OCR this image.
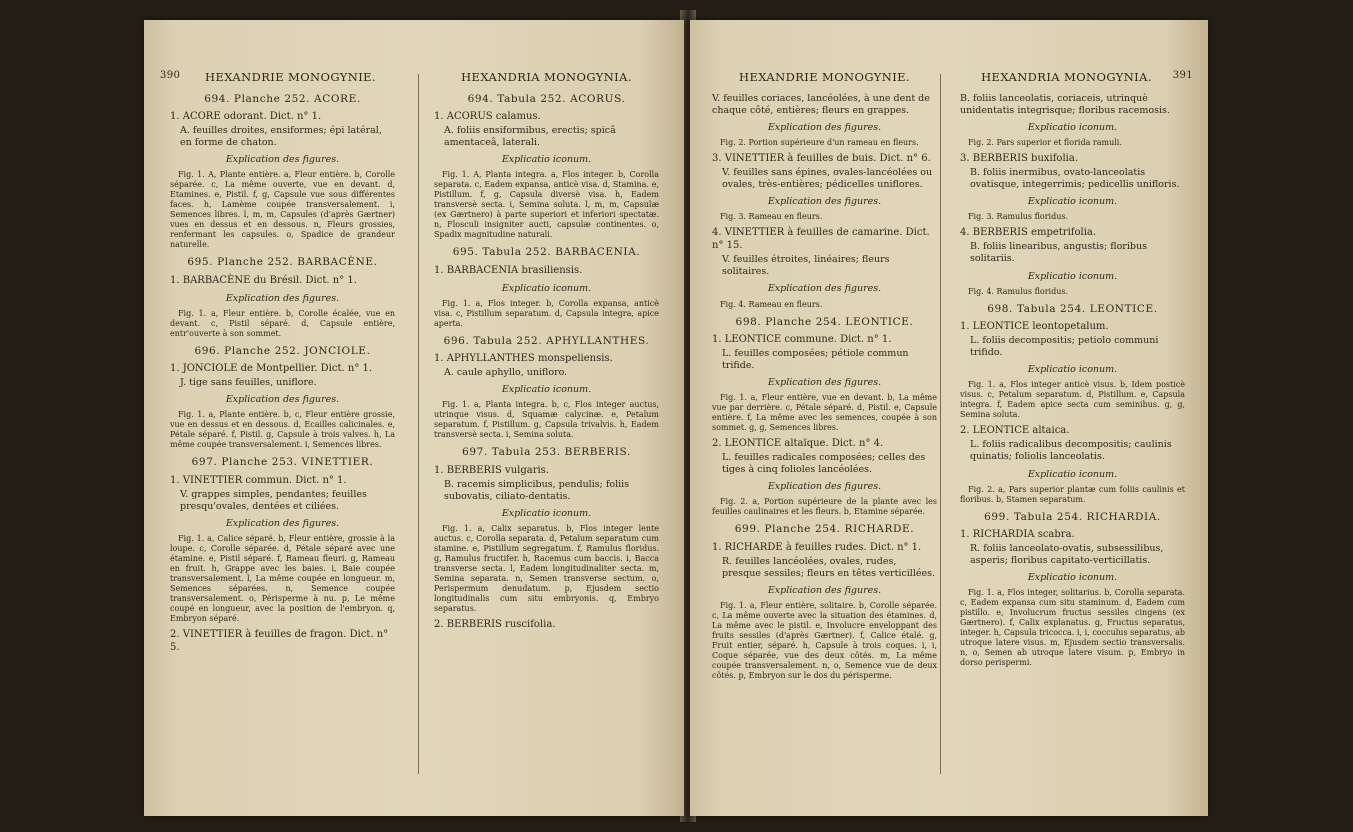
390 HEXANDRIE MONOGYNIE.
694. Planche 252. ACORE.
1. ACORE odorant. Dict. n° 1.
A. feuilles droites, ensiformes; épi latéral, en forme de chaton.
Explication des figures.
Fig. 1. A, Plante entière. a, Fleur entière. b, Corolle séparée. c, La même ouverte, vue en devant. d, Etamines. e, Pistil. f, g, Capsule vue sous différentes faces. h, Lamème coupée transversalement. i, Semences libres. l, m, m, Capsules (d'après Gærtner) vues en dessus et en dessous. n, Fleurs grossies, renfermant les capsules. o, Spadice de grandeur naturelle.
695. Planche 252. BARBACÈNE.
1. BARBACÈNE du Brésil. Dict. n° 1.
Explication des figures.
Fig. 1. a, Fleur entière. b, Corolle écalée, vue en devant. c, Pistil séparé. d, Capsule entière, entr'ouverte à son sommet.
696. Planche 252. JONCIOLE.
1. JONCIOLE de Montpellier. Dict. n° 1.
J. tige sans feuilles, uniflore.
Explication des figures.
Fig. 1. a, Plante entière. b, c, Fleur entière grossie, vue en dessus et en dessous. d, Ecailles calicinales. e, Pétale séparé. f, Pistil. g, Capsule à trois valves. h, La même coupée transversalement. i, Semences libres.
697. Planche 253. VINETTIER.
1. VINETTIER commun. Dict. n° 1.
V. grappes simples, pendantes; feuilles presqu'ovales, dentées et ciliées.
Explication des figures.
Fig. 1. a, Calice séparé. b, Fleur entière, grossie à la loupe. c, Corolle séparée. d, Pétale séparé avec une étamine. e, Pistil séparé. f, Rameau fleuri. g, Rameau en fruit. h, Grappe avec les baies. i, Baie coupée transversalement. l, La même coupée en longueur. m, Semences séparées. n, Semence coupée transversalement. o, Périsperme à nu. p, Le même coupé en longueur, avec la position de l'embryon. q, Embryon séparé.
2. VINETTIER à feuilles de fragon. Dict. n° 5.
HEXANDRIA MONOGYNIA.
694. Tabula 252. ACORUS.
1. ACORUS calamus.
A. foliis ensiformibus, erectis; spicâ amentaceâ, laterali.
Explicatio iconum.
Fig. 1. A, Planta integra. a, Flos integer. b, Corolla separata. c, Eadem expansa, anticè visa. d, Stamina. e, Pistillum. f, g, Capsula diversè visa. h, Eadem transversè secta. i, Semina soluta. l, m, m, Capsulæ (ex Gærtnero) à parte superiori et inferiori spectatæ. n, Flosculi insigniter aucti, capsulæ continentes. o, Spadix magnitudine naturali.
695. Tabula 252. BARBACENIA.
1. BARBACENIA brasiliensis.
Explicatio iconum.
Fig. 1. a, Flos integer. b, Corolla expansa, anticè visa. c, Pistillum separatum. d, Capsula integra, apice aperta.
696. Tabula 252. APHYLLANTHES.
1. APHYLLANTHES monspeliensis.
A. caule aphyllo, unifloro.
Explicatio iconum.
Fig. 1. a, Planta integra. b, c, Flos integer auctus, utrinque visus. d, Squamæ calycinæ. e, Petalum separatum. f, Pistillum. g, Capsula trivalvis. h, Eadem transversè secta. i, Semina soluta.
697. Tabula 253. BERBERIS.
1. BERBERIS vulgaris.
B. racemis simplicibus, pendulis; foliis subovatis, ciliato-dentatis.
Explicatio iconum.
Fig. 1. a, Calix separatus. b, Flos integer lente auctus. c, Corolla separata. d, Petalum separatum cum stamine. e, Pistillum segregatum. f, Ramulus floridus. g, Ramulus fructifer. h, Racemus cum baccis. i, Bacca transverse secta. l, Eadem longitudinaliter secta. m, Semina separata. n, Semen transverse sectum. o, Perispermum denudatum. p, Ejusdem sectio longitudinalis cum situ embryonis. q, Embryo separatus.
2. BERBERIS ruscifolia.
HEXANDRIE MONOGYNIE.
V. feuilles coriaces, lancéolées, à une dent de chaque côté, entières; fleurs en grappes.
Explication des figures.
Fig. 2. Portion supérieure d'un rameau en fleurs.
3. VINETTIER à feuilles de buis. Dict. n° 6.
V. feuilles sans épines, ovales-lancéolées ou ovales, très-entières; pédicelles uniflores.
Explication des figures.
Fig. 3. Rameau en fleurs.
4. VINETTIER à feuilles de camarine. Dict. n° 15.
V. feuilles étroites, linéaires; fleurs solitaires.
Explication des figures.
Fig. 4. Rameau en fleurs.
698. Planche 254. LEONTICE.
1. LEONTICE commune. Dict. n° 1.
L. feuilles composées; pétiole commun trifide.
Explication des figures.
Fig. 1. a, Fleur entière, vue en devant. b, La même vue par derrière. c, Pétale séparé. d, Pistil. e, Capsule entière. f, La même avec les semences, coupée à son sommet. g, g, Semences libres.
2. LEONTICE altaïque. Dict. n° 4.
L. feuilles radicales composées; celles des tiges à cinq folioles lancéolées.
Explication des figures.
Fig. 2. a, Portion supérieure de la plante avec les feuilles caulinaires et les fleurs. b, Etamine séparée.
699. Planche 254. RICHARDE.
1. RICHARDE à feuilles rudes. Dict. n° 1.
R. feuilles lancéolées, ovales, rudes, presque sessiles; fleurs en têtes verticillées.
Explication des figures.
Fig. 1. a, Fleur entière, solitaire. b, Corolle séparée. c, La même ouverte avec la situation des étamines. d, La même avec le pistil. e, Involucre enveloppant des fruits sessiles (d'après Gærtner). f, Calice étalé. g, Fruit entier, séparé. h, Capsule à trois coques. i, i, Coque séparée, vue des deux côtés. m, La même coupée transversalement. n, o, Semence vue de deux côtés. p, Embryon sur le dos du périsperme.
HEXANDRIA MONOGYNIA. 391
B. foliis lanceolatis, coriaceis, utrinquè unidentatis integrisque; floribus racemosis.
Explicatio iconum.
Fig. 2. Pars superior et florida ramuli.
3. BERBERIS buxifolia.
B. foliis inermibus, ovato-lanceolatis ovatisque, integerrimis; pedicellis unifloris.
Explicatio iconum.
Fig. 3. Ramulus floridus.
4. BERBERIS empetrifolia.
B. foliis linearibus, angustis; floribus solitariis.
Explicatio iconum.
Fig. 4. Ramulus floridus.
698. Tabula 254. LEONTICE.
1. LEONTICE leontopetalum.
L. foliis decompositis; petiolo communi trifido.
Explicatio iconum.
Fig. 1. a, Flos integer anticè visus. b, Idem posticè visus. c, Petalum separatum. d, Pistillum. e, Capsula integra. f, Eadem apice secta cum seminibus. g, g, Semina soluta.
2. LEONTICE altaica.
L. foliis radicalibus decompositis; caulinis quinatis; foliolis lanceolatis.
Explicatio iconum.
Fig. 2. a, Pars superior plantæ cum foliis caulinis et floribus. b, Stamen separatum.
699. Tabula 254. RICHARDIA.
1. RICHARDIA scabra.
R. foliis lanceolato-ovatis, subsessilibus, asperis; floribus capitato-verticillatis.
Explicatio iconum.
Fig. 1. a, Flos integer, solitarius. b, Corolla separata. c, Eadem expansa cum situ staminum. d, Eadem cum pistillo. e, Involucrum fructus sessiles cingens (ex Gærtnero). f, Calix explanatus. g, Fructus separatus, integer. h, Capsula tricocca. i, i, cocculus separatus, ab utroque latere visus. m, Ejusdem sectio transversalis. n, o, Semen ab utroque latere visum. p, Embryo in dorso perispermi.
